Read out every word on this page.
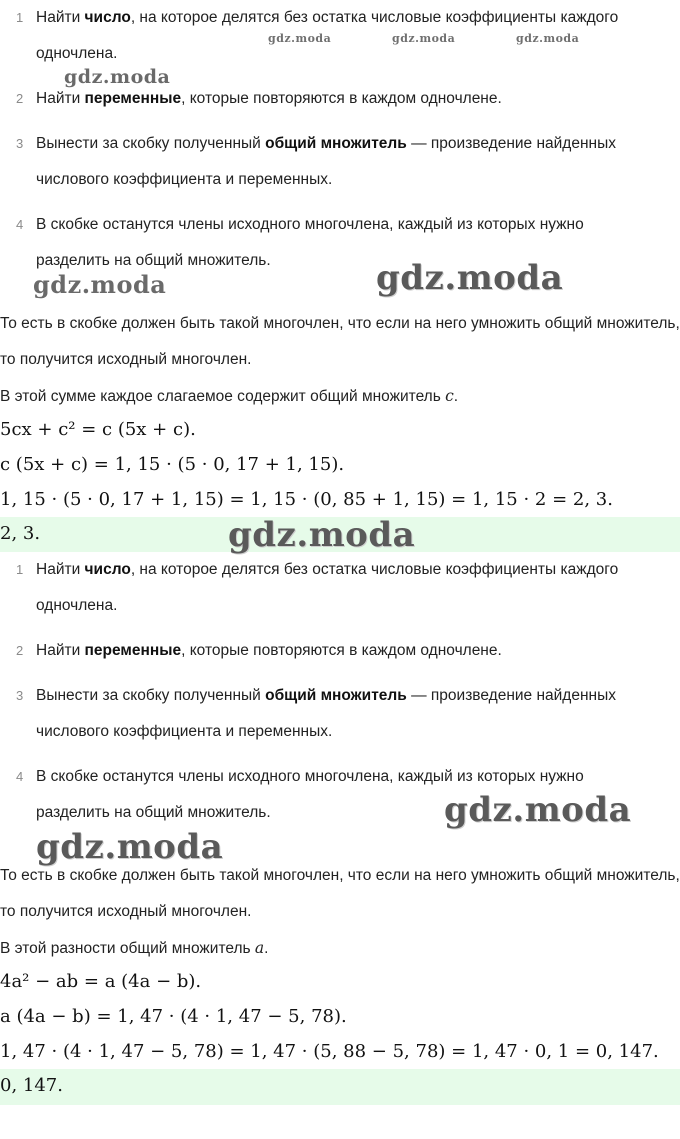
1 Найти число, на которое делятся без остатка числовые коэффициенты каждого одночлена.
2 Найти переменные, которые повторяются в каждом одночлене.
3 Вынести за скобку полученный общий множитель — произведение найденных числового коэффициента и переменных.
4 В скобке останутся члены исходного многочлена, каждый из которых нужно разделить на общий множитель.
То есть в скобке должен быть такой многочлен, что если на него умножить общий множитель, то получится исходный многочлен.
В этой сумме каждое слагаемое содержит общий множитель c.
5cx + c² = c (5x + c).
c (5x + c) = 1, 15 · (5 · 0, 17 + 1, 15).
1, 15 · (5 · 0, 17 + 1, 15) = 1, 15 · (0, 85 + 1, 15) = 1, 15 · 2 = 2, 3.
2, 3.
gdz.moda	gdz.moda	gdz.moda
gdz.moda
gdz.moda	gdz.moda
gdz.moda
1 Найти число, на которое делятся без остатка числовые коэффициенты каждого одночлена.
2 Найти переменные, которые повторяются в каждом одночлене.
3 Вынести за скобку полученный общий множитель — произведение найденных числового коэффициента и переменных.
4 В скобке останутся члены исходного многочлена, каждый из которых нужно разделить на общий множитель.
То есть в скобке должен быть такой многочлен, что если на него умножить общий множитель, то получится исходный многочлен.
В этой разности общий множитель a.
4a² − ab = a (4a − b).
a (4a − b) = 1, 47 · (4 · 1, 47 − 5, 78).
1, 47 · (4 · 1, 47 − 5, 78) = 1, 47 · (5, 88 − 5, 78) = 1, 47 · 0, 1 = 0, 147.
0, 147.
gdz.moda
gdz.moda
